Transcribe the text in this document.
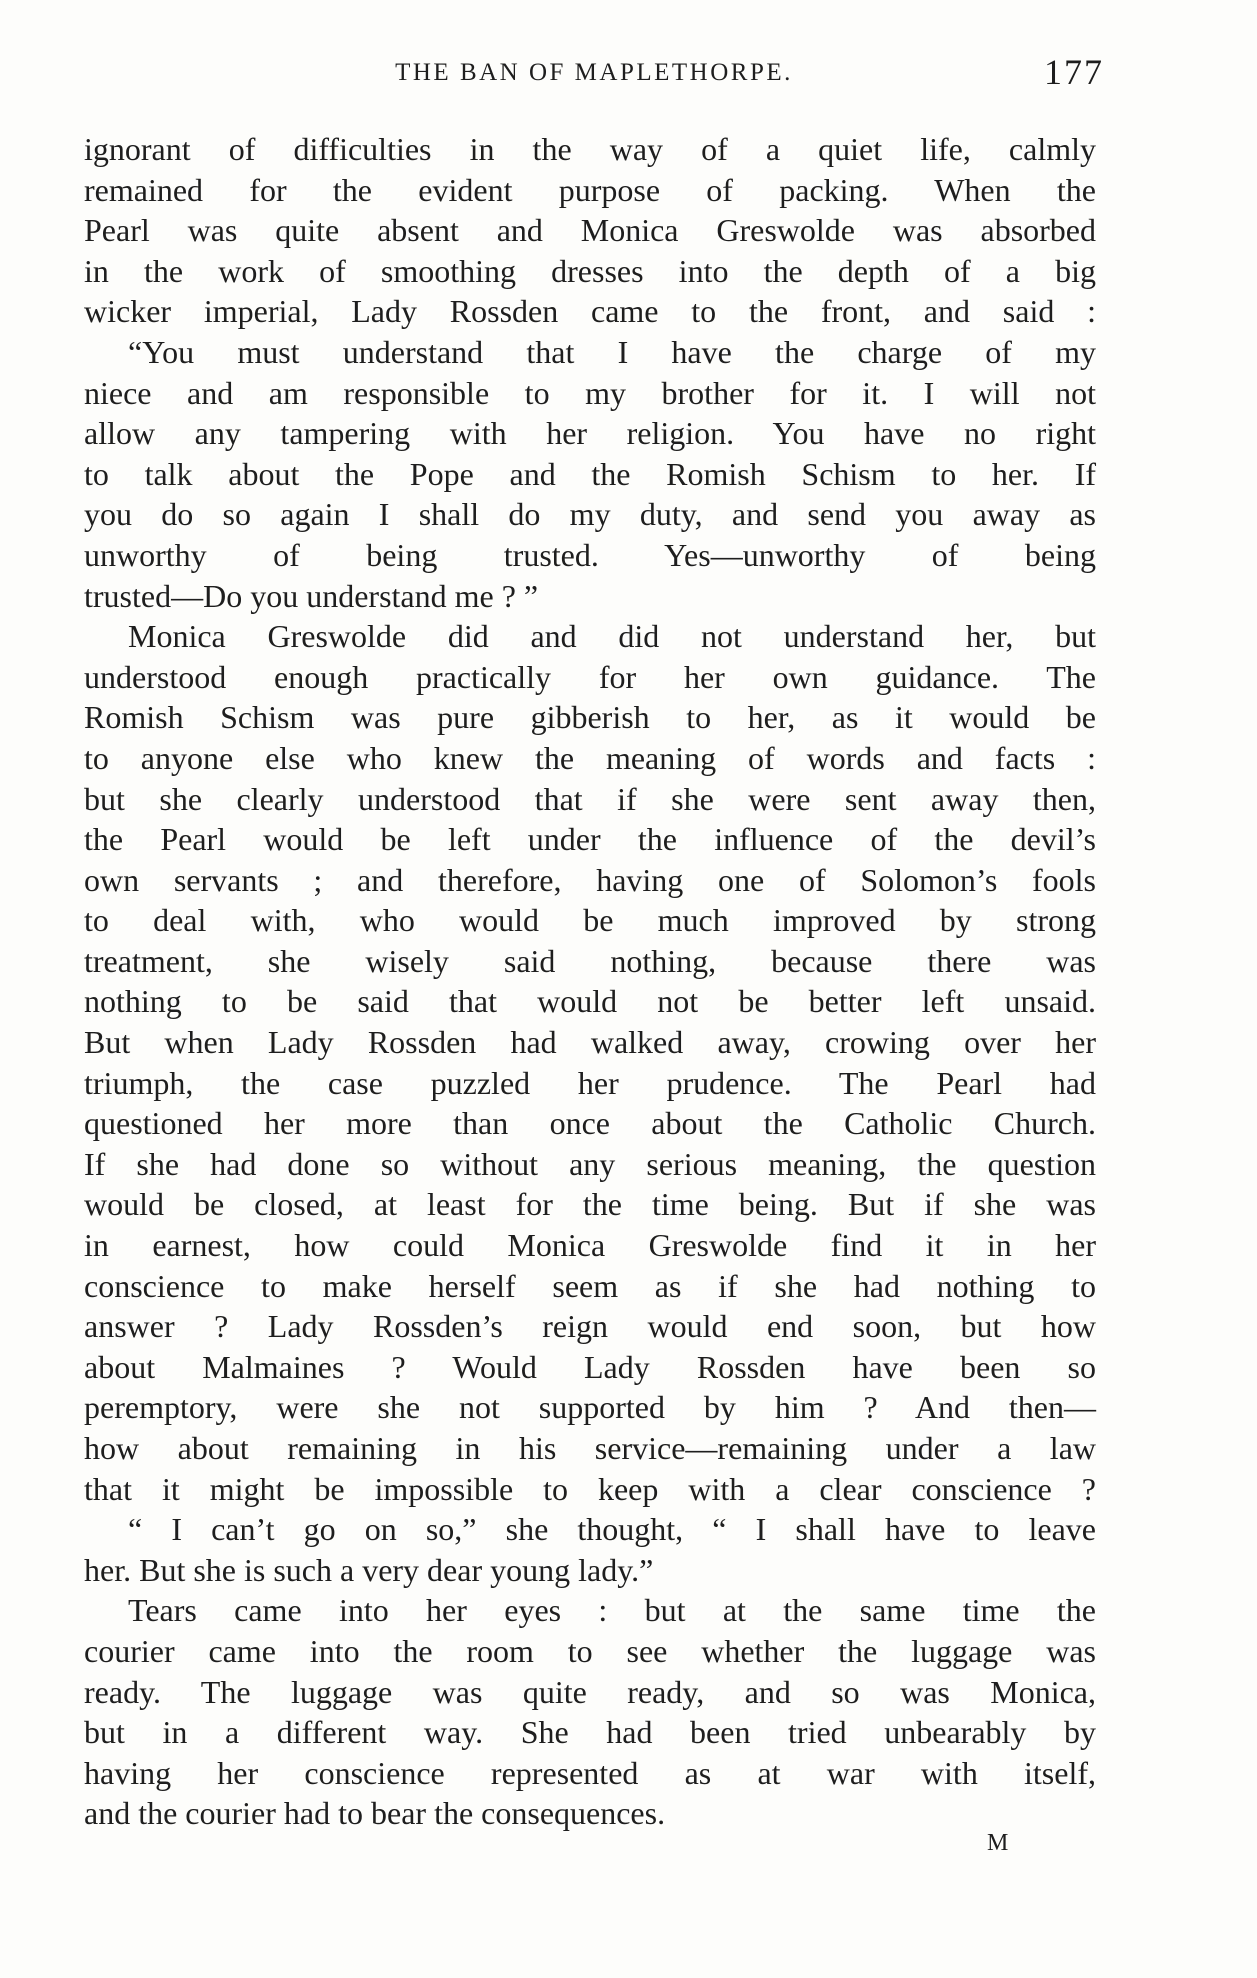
THE BAN OF MAPLETHORPE.	177
ignorant of difficulties in the way of a quiet life, calmly
remained for the evident purpose of packing. When the
Pearl was quite absent and Monica Greswolde was absorbed
in the work of smoothing dresses into the depth of a big
wicker imperial, Lady Rossden came to the front, and said :
“You must understand that I have the charge of my
niece and am responsible to my brother for it. I will not
allow any tampering with her religion. You have no right
to talk about the Pope and the Romish Schism to her. If
you do so again I shall do my duty, and send you away as
unworthy of being trusted. Yes—unworthy of being
trusted—Do you understand me ? ”
Monica Greswolde did and did not understand her, but
understood enough practically for her own guidance. The
Romish Schism was pure gibberish to her, as it would be
to anyone else who knew the meaning of words and facts :
but she clearly understood that if she were sent away then,
the Pearl would be left under the influence of the devil’s
own servants ; and therefore, having one of Solomon’s fools
to deal with, who would be much improved by strong
treatment, she wisely said nothing, because there was
nothing to be said that would not be better left unsaid.
But when Lady Rossden had walked away, crowing over her
triumph, the case puzzled her prudence. The Pearl had
questioned her more than once about the Catholic Church.
If she had done so without any serious meaning, the question
would be closed, at least for the time being. But if she was
in earnest, how could Monica Greswolde find it in her
conscience to make herself seem as if she had nothing to
answer ? Lady Rossden’s reign would end soon, but how
about Malmaines ? Would Lady Rossden have been so
peremptory, were she not supported by him ? And then—
how about remaining in his service—remaining under a law
that it might be impossible to keep with a clear conscience ?
“ I can’t go on so,” she thought, “ I shall have to leave
her. But she is such a very dear young lady.”
Tears came into her eyes : but at the same time the
courier came into the room to see whether the luggage was
ready. The luggage was quite ready, and so was Monica,
but in a different way. She had been tried unbearably by
having her conscience represented as at war with itself,
and the courier had to bear the consequences.
M
